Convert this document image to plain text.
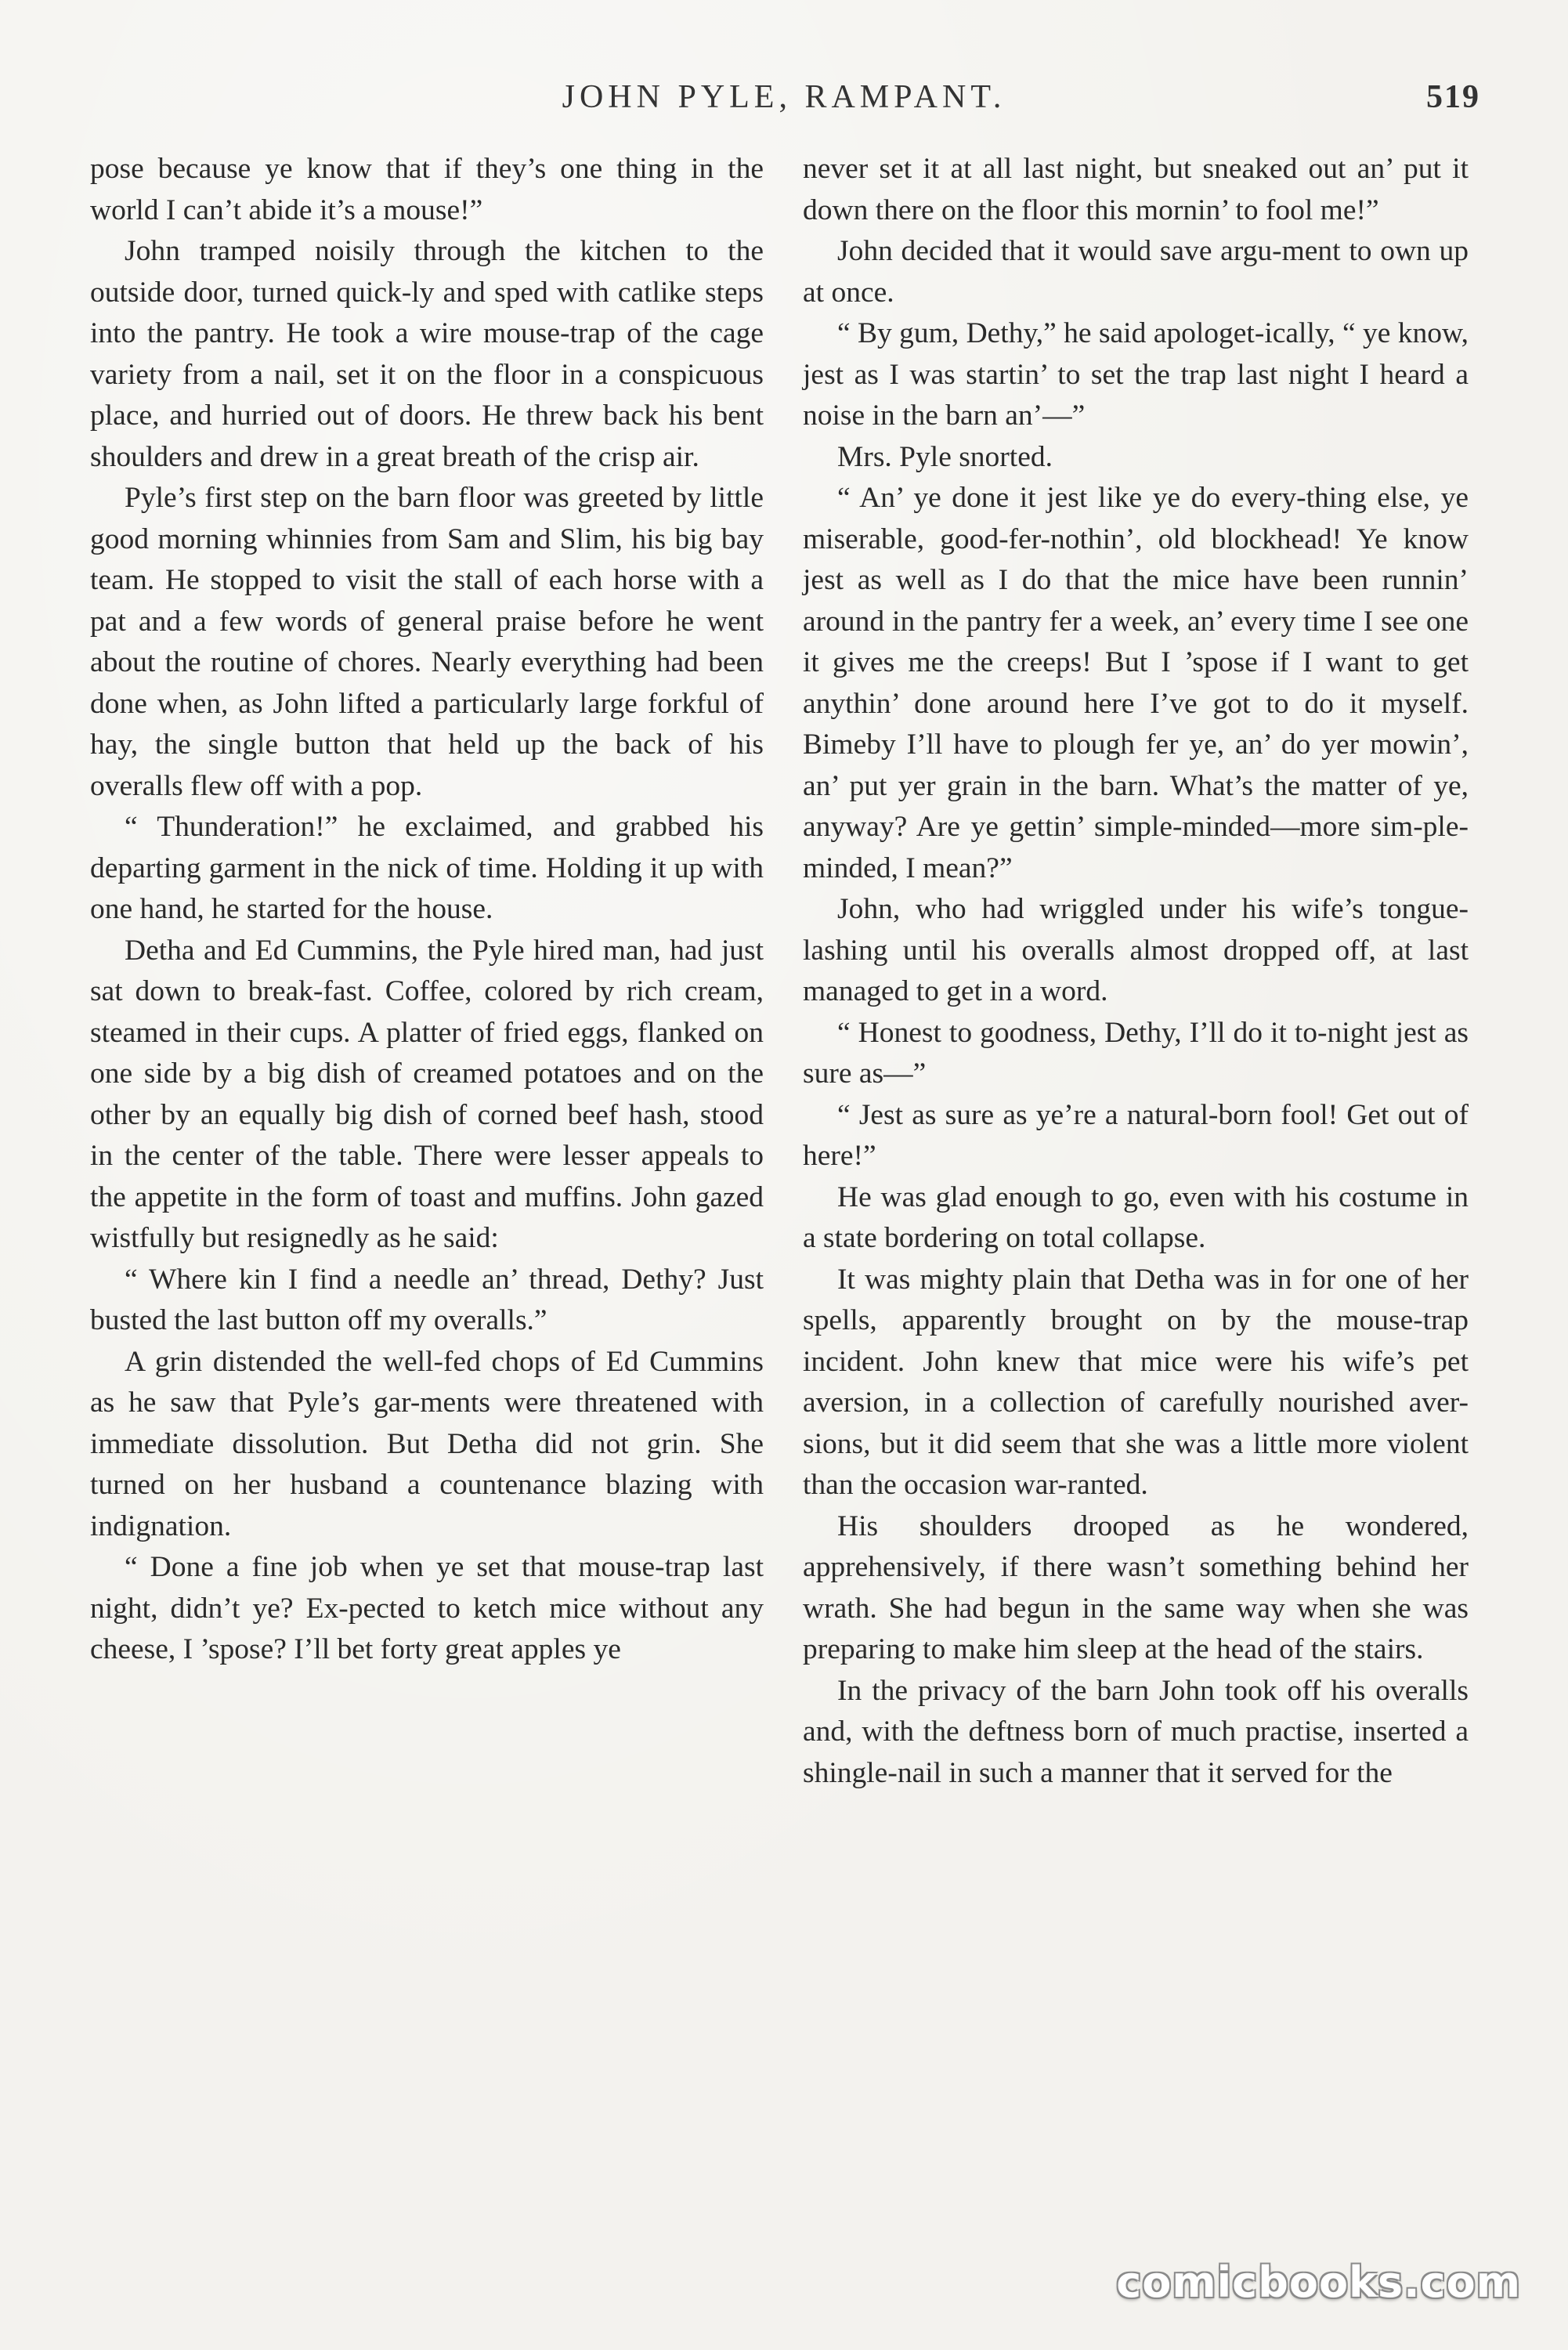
JOHN PYLE, RAMPANT.	519

pose because ye know that if they’s one thing in the world I can’t abide it’s a mouse!”

John tramped noisily through the kitchen to the outside door, turned quick-ly and sped with catlike steps into the pantry. He took a wire mouse-trap of the cage variety from a nail, set it on the floor in a conspicuous place, and hurried out of doors. He threw back his bent shoulders and drew in a great breath of the crisp air.

Pyle’s first step on the barn floor was greeted by little good morning whinnies from Sam and Slim, his big bay team. He stopped to visit the stall of each horse with a pat and a few words of general praise before he went about the routine of chores. Nearly everything had been done when, as John lifted a particularly large forkful of hay, the single button that held up the back of his overalls flew off with a pop.

“ Thunderation!” he exclaimed, and grabbed his departing garment in the nick of time. Holding it up with one hand, he started for the house.

Detha and Ed Cummins, the Pyle hired man, had just sat down to break-fast. Coffee, colored by rich cream, steamed in their cups. A platter of fried eggs, flanked on one side by a big dish of creamed potatoes and on the other by an equally big dish of corned beef hash, stood in the center of the table. There were lesser appeals to the appetite in the form of toast and muffins. John gazed wistfully but resignedly as he said:

“ Where kin I find a needle an’ thread, Dethy? Just busted the last button off my overalls.”

A grin distended the well-fed chops of Ed Cummins as he saw that Pyle’s gar-ments were threatened with immediate dissolution. But Detha did not grin. She turned on her husband a countenance blazing with indignation.

“ Done a fine job when ye set that mouse-trap last night, didn’t ye? Ex-pected to ketch mice without any cheese, I ’spose? I’ll bet forty great apples ye

never set it at all last night, but sneaked out an’ put it down there on the floor this mornin’ to fool me!”

John decided that it would save argu-ment to own up at once.

“ By gum, Dethy,” he said apologet-ically, “ ye know, jest as I was startin’ to set the trap last night I heard a noise in the barn an’—”

Mrs. Pyle snorted.

“ An’ ye done it jest like ye do every-thing else, ye miserable, good-fer-nothin’, old blockhead! Ye know jest as well as I do that the mice have been runnin’ around in the pantry fer a week, an’ every time I see one it gives me the creeps! But I ’spose if I want to get anythin’ done around here I’ve got to do it myself. Bimeby I’ll have to plough fer ye, an’ do yer mowin’, an’ put yer grain in the barn. What’s the matter of ye, anyway? Are ye gettin’ simple-minded—more sim-ple-minded, I mean?”

John, who had wriggled under his wife’s tongue-lashing until his overalls almost dropped off, at last managed to get in a word.

“ Honest to goodness, Dethy, I’ll do it to-night jest as sure as—”

“ Jest as sure as ye’re a natural-born fool! Get out of here!”

He was glad enough to go, even with his costume in a state bordering on total collapse.

It was mighty plain that Detha was in for one of her spells, apparently brought on by the mouse-trap incident. John knew that mice were his wife’s pet aversion, in a collection of carefully nourished aver-sions, but it did seem that she was a little more violent than the occasion war-ranted.

His shoulders drooped as he wondered, apprehensively, if there wasn’t something behind her wrath. She had begun in the same way when she was preparing to make him sleep at the head of the stairs.

In the privacy of the barn John took off his overalls and, with the deftness born of much practise, inserted a shingle-nail in such a manner that it served for the

comicbooks.com
